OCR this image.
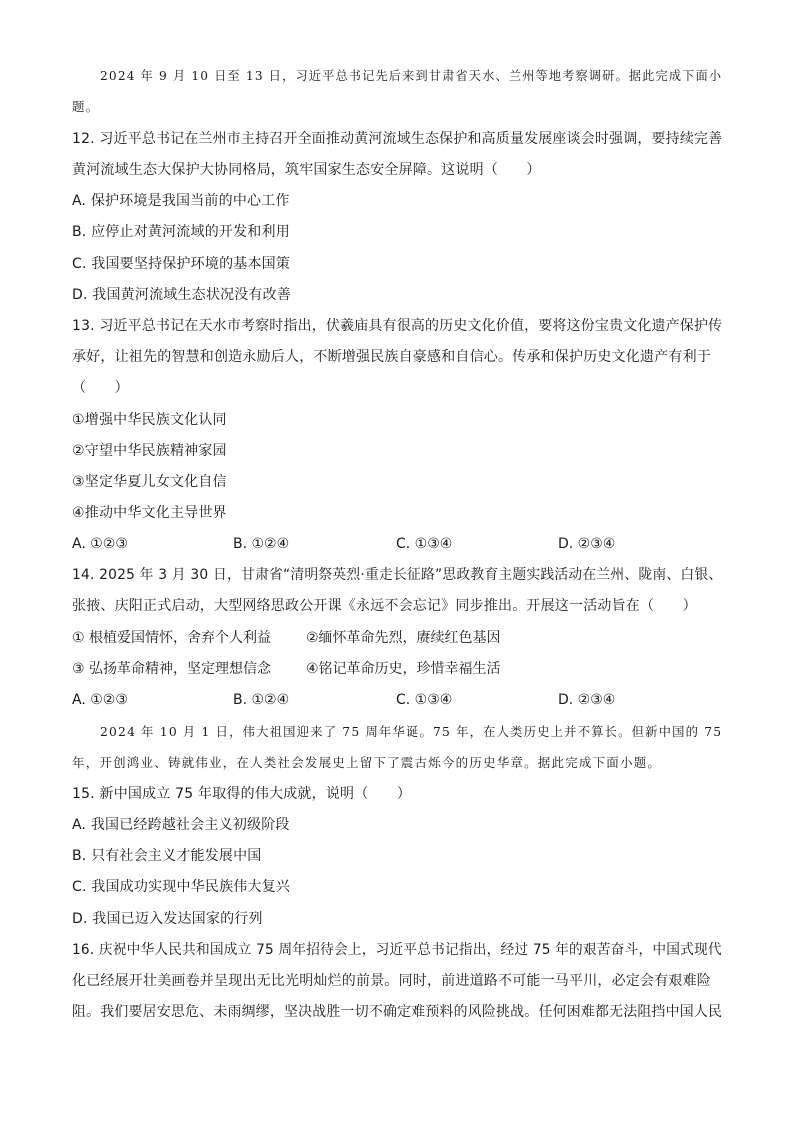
2024 年 9 月 10 日至 13 日，习近平总书记先后来到甘肃省天水、兰州等地考察调研。据此完成下面小
题。
12. 习近平总书记在兰州市主持召开全面推动黄河流域生态保护和高质量发展座谈会时强调，要持续完善
黄河流域生态大保护大协同格局，筑牢国家生态安全屏障。这说明（　　）
A. 保护环境是我国当前的中心工作
B. 应停止对黄河流域的开发和利用
C. 我国要坚持保护环境的基本国策
D. 我国黄河流域生态状况没有改善
13. 习近平总书记在天水市考察时指出，伏羲庙具有很高的历史文化价值，要将这份宝贵文化遗产保护传
承好，让祖先的智慧和创造永励后人，不断增强民族自豪感和自信心。传承和保护历史文化遗产有利于
（　　）
①增强中华民族文化认同
②守望中华民族精神家园
③坚定华夏儿女文化自信
④推动中华文化主导世界
A. ①②③	B. ①②④	C. ①③④	D. ②③④
14. 2025 年 3 月 30 日，甘肃省“清明祭英烈·重走长征路”思政教育主题实践活动在兰州、陇南、白银、
张掖、庆阳正式启动，大型网络思政公开课《永远不会忘记》同步推出。开展这一活动旨在（　　）
① 根植爱国情怀，舍弃个人利益 ②缅怀革命先烈，赓续红色基因
③ 弘扬革命精神，坚定理想信念 ④铭记革命历史，珍惜幸福生活
A. ①②③	B. ①②④	C. ①③④	D. ②③④
2024 年 10 月 1 日，伟大祖国迎来了 75 周年华诞。75 年，在人类历史上并不算长。但新中国的 75
年，开创鸿业、铸就伟业，在人类社会发展史上留下了震古烁今的历史华章。据此完成下面小题。
15. 新中国成立 75 年取得的伟大成就，说明（　　）
A. 我国已经跨越社会主义初级阶段
B. 只有社会主义才能发展中国
C. 我国成功实现中华民族伟大复兴
D. 我国已迈入发达国家的行列
16. 庆祝中华人民共和国成立 75 周年招待会上，习近平总书记指出，经过 75 年的艰苦奋斗，中国式现代
化已经展开壮美画卷并呈现出无比光明灿烂的前景。同时，前进道路不可能一马平川，必定会有艰难险
阻。我们要居安思危、未雨绸缪，坚决战胜一切不确定难预料的风险挑战。任何困难都无法阻挡中国人民
